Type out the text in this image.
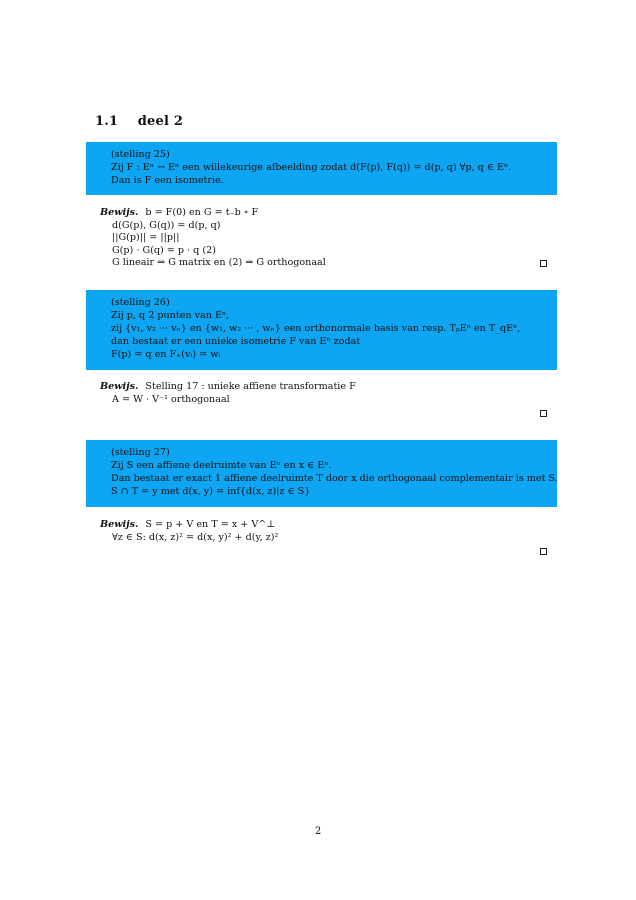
1.1 deel 2
(stelling 25)
Zij F : Eⁿ → Eⁿ een willekeurige afbeelding zodat d(F(p), F(q)) = d(p, q) ∀p, q ∈ Eⁿ.
Dan is F een isometrie.
Bewijs. b = F(0) en G = t₋b ∘ F
d(G(p), G(q)) = d(p, q)
||G(p)|| = ||p||
G(p) · G(q) = p · q (2)
G lineair ⇒ G matrix en (2) ⇒ G orthogonaal
(stelling 26)
Zij p, q 2 punten van Eⁿ,
zij {v₁, v₂ ··· vₙ} en {w₁, w₂ ··· , wₙ} een orthonormale basis van resp. TₚEⁿ en T_qEⁿ,
dan bestaat er een unieke isometrie F van Eⁿ zodat
F(p) = q en F₊(vᵢ) = wᵢ
Bewijs. Stelling 17 : unieke affiene transformatie F
A = W · V⁻¹ orthogonaal
(stelling 27)
Zij S een affiene deelruimte van Eⁿ en x ∈ Eⁿ.
Dan bestaat er exact 1 affiene deelruimte T door x die orthogonaal complementair is met S.
S ∩ T = y met d(x, y) = inf{d(x, z)|z ∈ S}
Bewijs. S = p + V en T = x + V^⊥
∀z ∈ S: d(x, z)² = d(x, y)² + d(y, z)²
2
